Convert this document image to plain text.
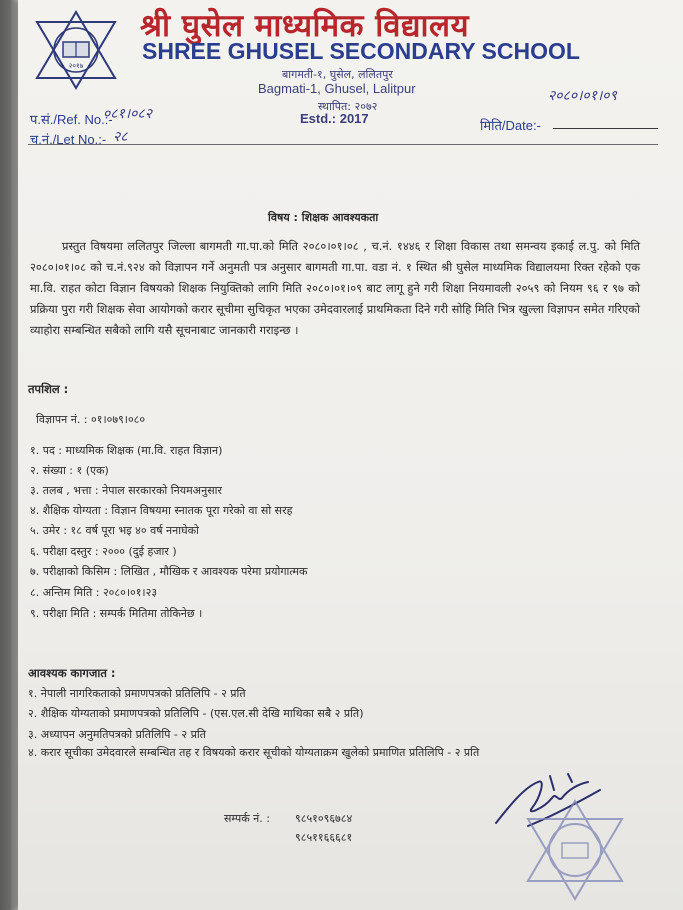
२०१७
श्री घुसेल माध्यमिक विद्यालय
SHREE GHUSEL SECONDARY SCHOOL
बागमती-१, घुसेल, ललितपुर
Bagmati-1, Ghusel, Lalitpur
स्थापित: २०७२
Estd.: 2017
प.सं./Ref. No.:-
०८१।०८२
च.नं./Let No.:- २८
२०८०।०१।०९
मिति/Date:-
विषय : शिक्षक आवश्यकता
प्रस्तुत विषयमा ललितपुर जिल्ला बागमती गा.पा.को मिति २०८०।०१।०८ , च.नं. १४४६ र शिक्षा विकास तथा समन्वय इकाई ल.पु. को मिति २०८०।०१।०८ को च.नं.९२४ को विज्ञापन गर्ने अनुमती पत्र अनुसार बागमती गा.पा. वडा नं. १ स्थित श्री घुसेल माध्यमिक विद्यालयमा रिक्त रहेको एक मा.वि. राहत कोटा विज्ञान विषयको शिक्षक नियुक्तिको लागि मिति २०८०।०१।०९ बाट लागू हुने गरी शिक्षा नियमावली २०५९ को नियम ९६ र ९७ को प्रक्रिया पुरा गरी शिक्षक सेवा आयोगको करार सूचीमा सुचिकृत भएका उमेदवारलाई प्राथमिकता दिने गरी सोहि मिति भित्र खुल्ला विज्ञापन समेत गरिएको व्याहोरा सम्बन्धित सबैको लागि यसै सूचनाबाट जानकारी गराइन्छ ।
तपशिल :
विज्ञापन नं. : ०१।०७९।०८०
१. पद : माध्यमिक शिक्षक (मा.वि. राहत विज्ञान)
२. संख्या : १ (एक)
३. तलब , भत्ता : नेपाल सरकारको नियमअनुसार
४. शैक्षिक योग्यता : विज्ञान विषयमा स्नातक पूरा गरेको वा सो सरह
५. उमेर : १८ वर्ष पूरा भइ ४० वर्ष ननाघेको
६. परीक्षा दस्तुर : २००० (दुई हजार )
७. परीक्षाको किसिम : लिखित , मौखिक र आवश्यक परेमा प्रयोगात्मक
८. अन्तिम मिति : २०८०।०१।२३
९. परीक्षा मिति : सम्पर्क मितिमा तोकिनेछ ।
आवश्यक कागजात :
१. नेपाली नागरिकताको प्रमाणपत्रको प्रतिलिपि - २ प्रति
२. शैक्षिक योग्यताको प्रमाणपत्रको प्रतिलिपि - (एस.एल.सी देखि माथिका सबै २ प्रति)
३. अध्यापन अनुमतिपत्रको प्रतिलिपि - २ प्रति
४. करार सूचीका उमेदवारले सम्बन्धित तह र विषयको करार सूचीको योग्यताक्रम खुलेको प्रमाणित प्रतिलिपि - २ प्रति
सम्पर्क नं. : ९८५१०९६७८४
९८५११६६६८१
